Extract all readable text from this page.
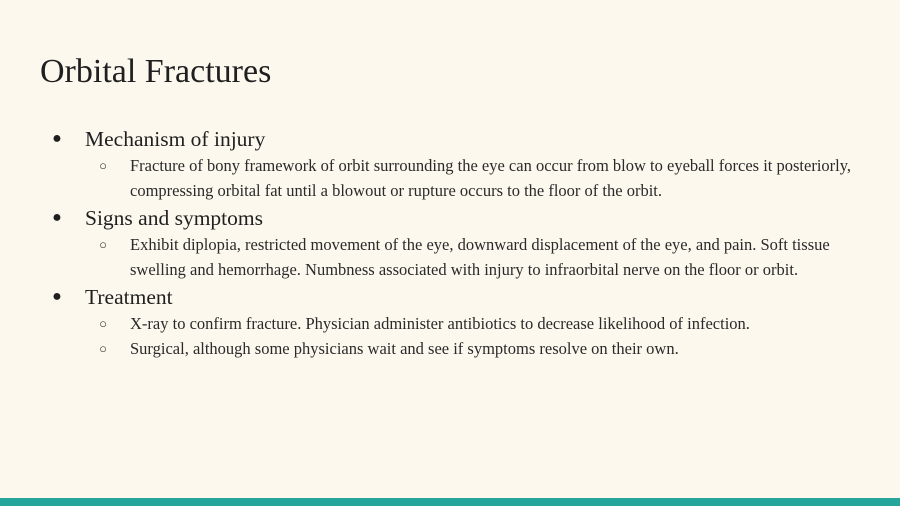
Orbital Fractures
● Mechanism of injury
○ Fracture of bony framework of orbit surrounding the eye can occur from blow to eyeball forces it posteriorly, compressing orbital fat until a blowout or rupture occurs to the floor of the orbit.
● Signs and symptoms
○ Exhibit diplopia, restricted movement of the eye, downward displacement of the eye, and pain. Soft tissue swelling and hemorrhage. Numbness associated with injury to infraorbital nerve on the floor or orbit.
● Treatment
○ X-ray to confirm fracture. Physician administer antibiotics to decrease likelihood of infection.
○ Surgical, although some physicians wait and see if symptoms resolve on their own.
